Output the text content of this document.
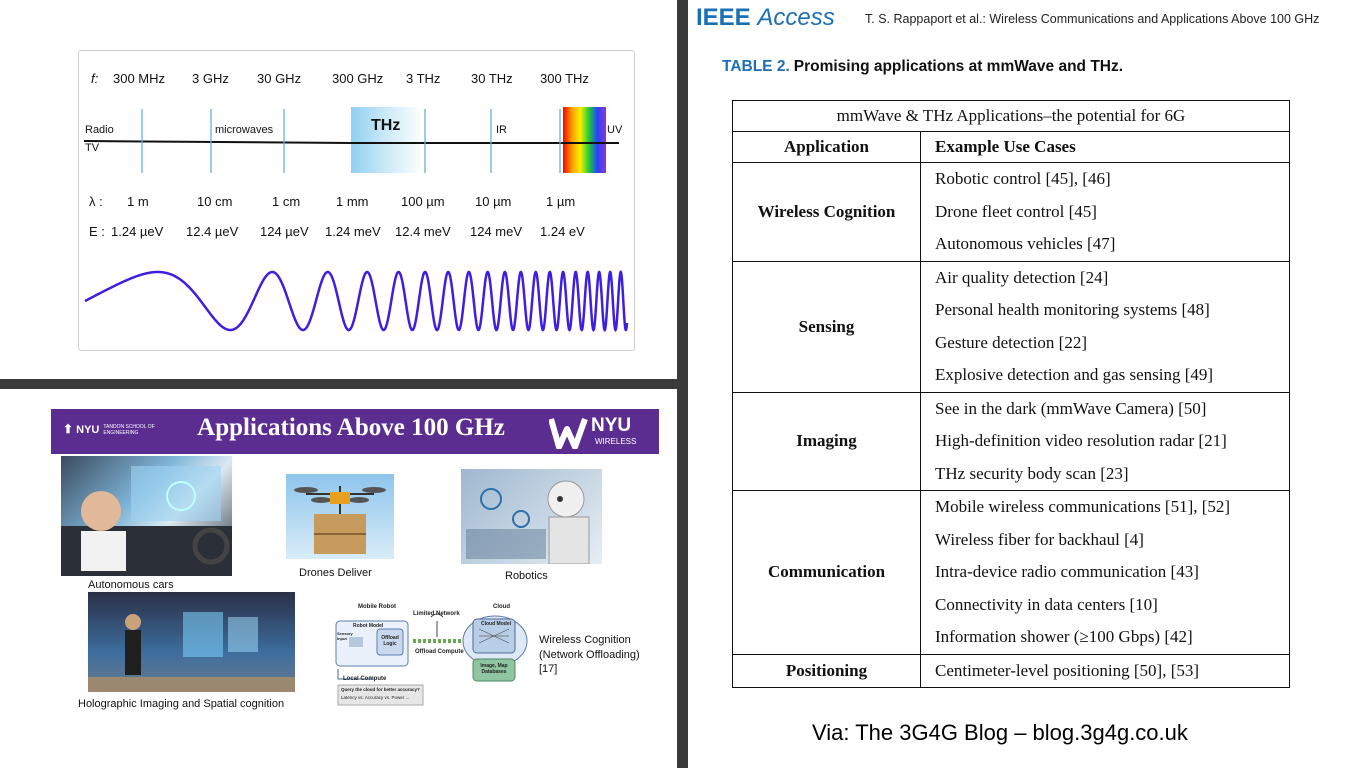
f: 300 MHz 3 GHz 30 GHz 300 GHz 3 THz 30 THz 300 THz
Radio
TV
microwaves	THz	IR	UV
λ : 1 m	10 cm	1 cm	1 mm	100 µm 10 µm	1 µm
E : 1.24 µeV 12.4 µeV 124 µeV 1.24 meV 12.4 meV 124 meV 1.24 eV
⬆ NYU TANDON SCHOOL OF ENGINEERING	Applications Above 100 GHz	NYU
WIRELESS
Autonomous cars
Drones Deliver	Robotics
Holographic Imaging and Spatial cognition
Mobile Robot
Limited Network
Cloud
Robot Model
Sensory Input	Offload Logic
Cloud Model
Offload Compute
Local Compute
Image, Map Databases
Query the cloud for better accuracy?
Latency vs. Accuracy vs. Power ...
Wireless Cognition
(Network Offloading)
[17]
IEEE Access T. S. Rappaport et al.: Wireless Communications and Applications Above 100 GHz
TABLE 2. Promising applications at mmWave and THz.
mmWave & THz Applications–the potential for 6G	
Application	Example Use Cases
Wireless Cognition	Robotic control [45], [46]
Drone fleet control [45]
Autonomous vehicles [47]

Sensing	Air quality detection [24]
Personal health monitoring systems [48]
Gesture detection [22]
Explosive detection and gas sensing [49]

Imaging	See in the dark (mmWave Camera) [50]
High-definition video resolution radar [21]
THz security body scan [23]

Communication	Mobile wireless communications [51], [52]
Wireless fiber for backhaul [4]
Intra-device radio communication [43]
Connectivity in data centers [10]
Information shower (≥100 Gbps) [42]

Positioning	Centimeter-level positioning [50], [53]
Via: The 3G4G Blog – blog.3g4g.co.uk
